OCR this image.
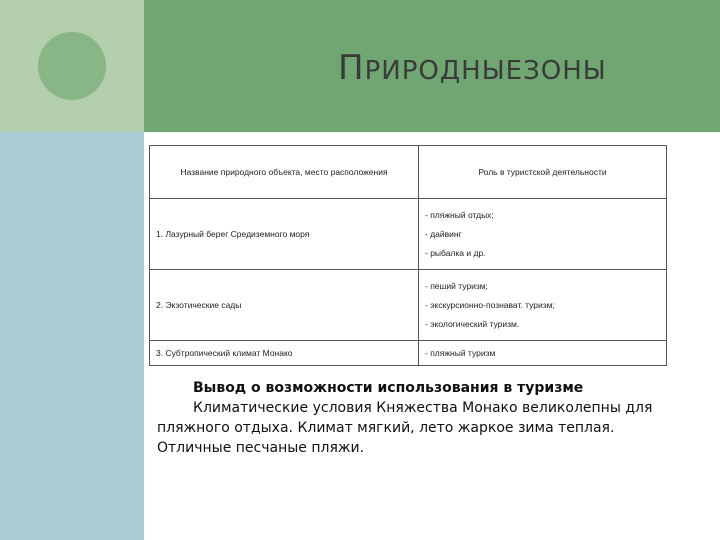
ПРИРОДНЫЕЗОНЫ
Название природного объекта, место расположения	Роль в туристской деятельности
1. Лазурный берег Средиземного моря	- пляжный отдых;
- дайвинг
- рыбалка и др.

2. Экзотические сады	- пеший туризм;
- экскурсионно-познават. туризм;
- экологический туризм.

3. Субтропический климат Монако	- пляжный туризм
Вывод о возможности использования в туризме
Климатические условия Княжества Монако великолепны для пляжного отдыха. Климат мягкий, лето жаркое зима теплая. Отличные песчаные пляжи.
